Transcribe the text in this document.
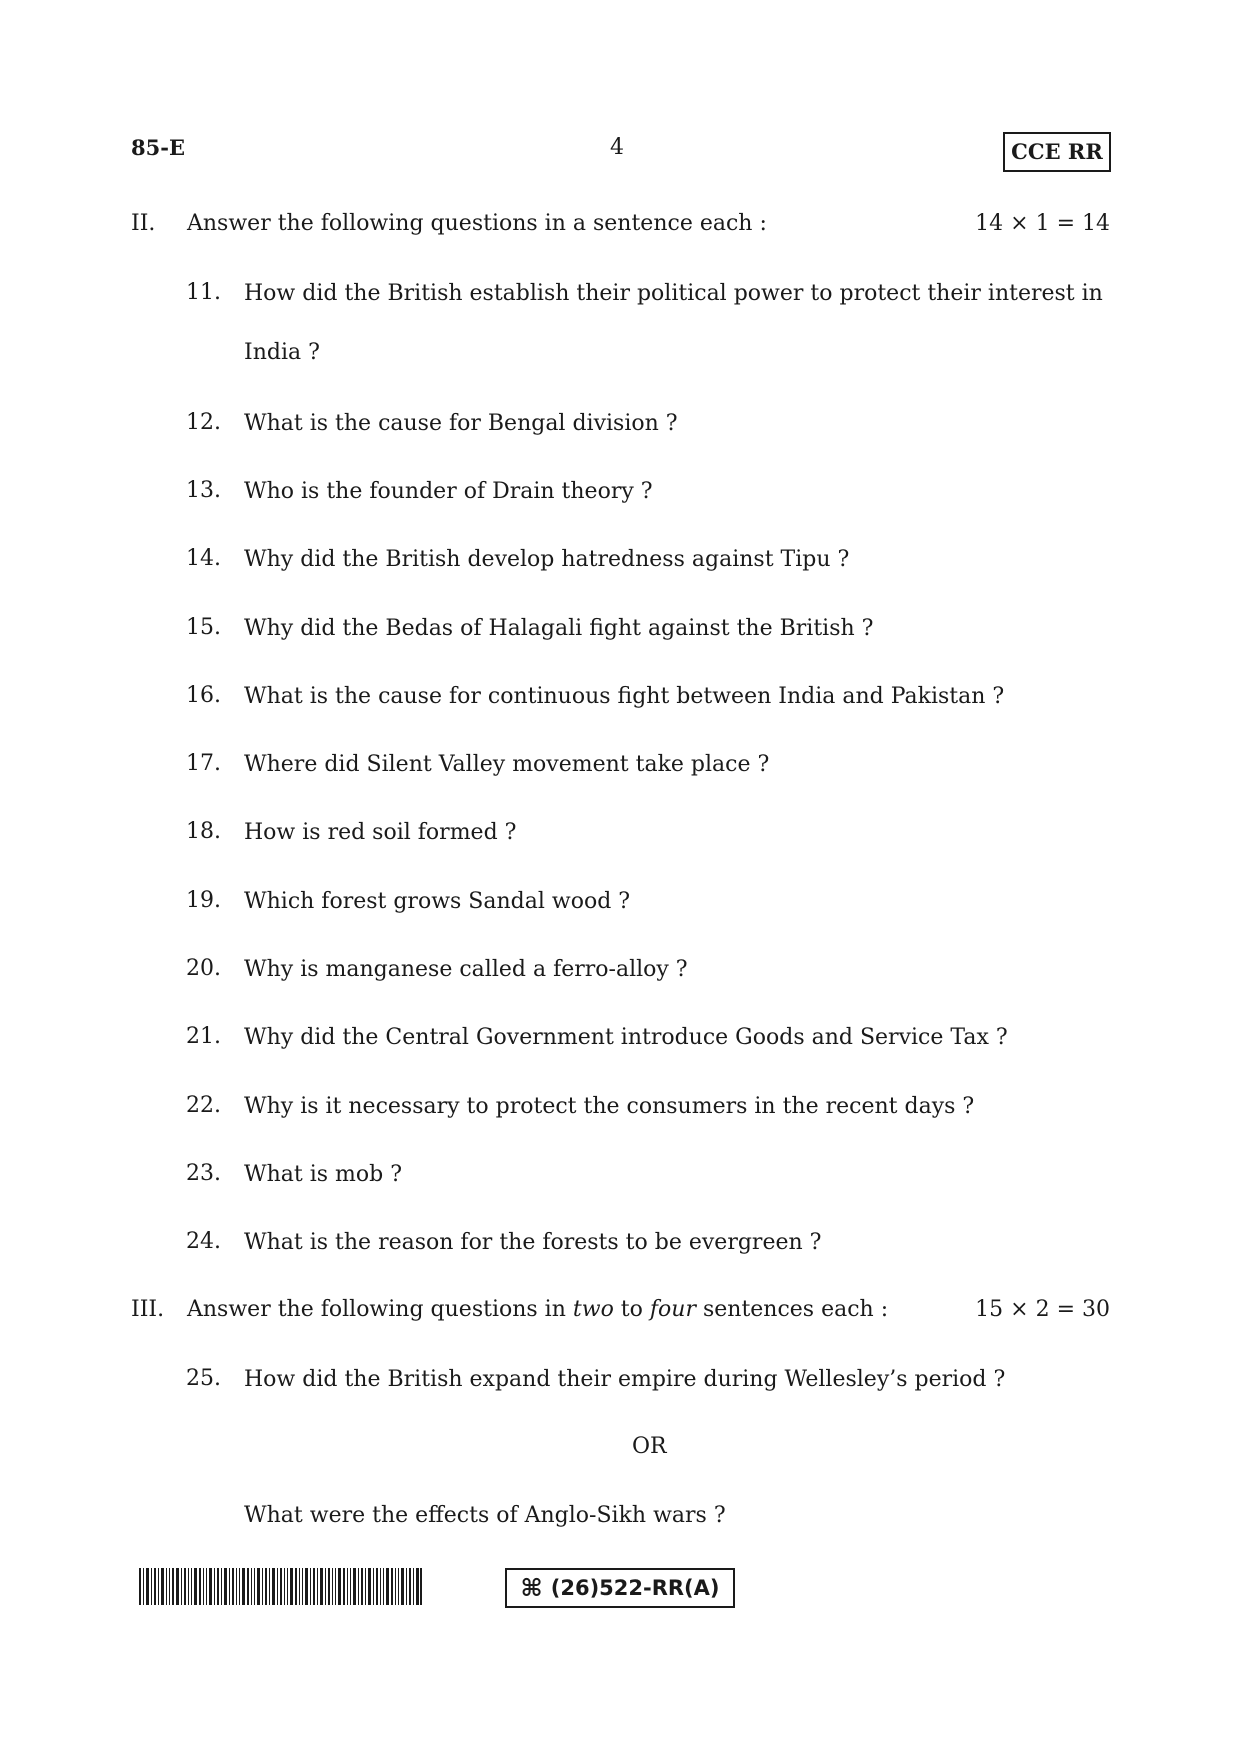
85-E	4	CCE RR
II. Answer the following questions in a sentence each :	14 × 1 = 14
11. How did the British establish their political power to protect their interest in India ?
12. What is the cause for Bengal division ?
13. Who is the founder of Drain theory ?
14. Why did the British develop hatredness against Tipu ?
15. Why did the Bedas of Halagali fight against the British ?
16. What is the cause for continuous fight between India and Pakistan ?
17. Where did Silent Valley movement take place ?
18. How is red soil formed ?
19. Which forest grows Sandal wood ?
20. Why is manganese called a ferro-alloy ?
21. Why did the Central Government introduce Goods and Service Tax ?
22. Why is it necessary to protect the consumers in the recent days ?
23. What is mob ?
24. What is the reason for the forests to be evergreen ?
III. Answer the following questions in two to four sentences each :	15 × 2 = 30
25. How did the British expand their empire during Wellesley’s period ?
OR
What were the effects of Anglo-Sikh wars ?
⌘ (26)522-RR(A)
